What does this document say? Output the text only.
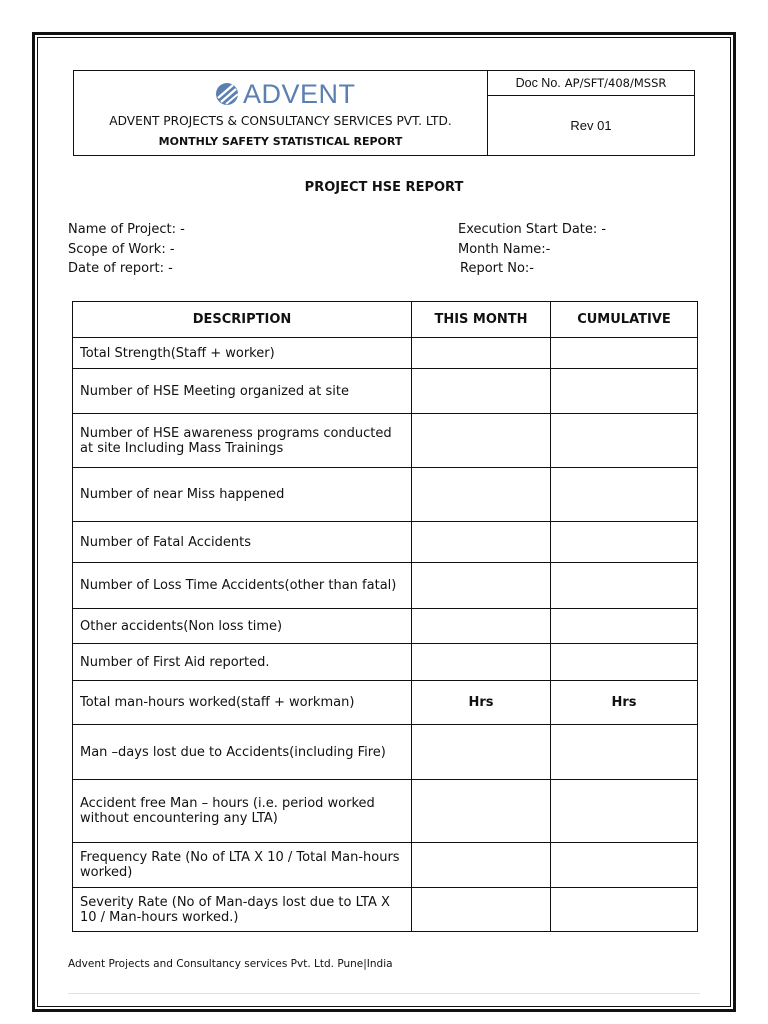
ADVENT
ADVENT PROJECTS & CONSULTANCY SERVICES PVT. LTD.
MONTHLY SAFETY STATISTICAL REPORT
Doc No. AP/SFT/408/MSSR
Rev 01
PROJECT HSE REPORT
Name of Project: -
Scope of Work: -
Date of report: -
Execution Start Date: -
Month Name:-
Report No:-
DESCRIPTION	THIS MONTH	CUMULATIVE
Total Strength(Staff + worker)		
Number of HSE Meeting organized at site		
Number of HSE awareness programs conducted at site Including Mass Trainings		
Number of near Miss happened		
Number of Fatal Accidents		
Number of Loss Time Accidents(other than fatal)		
Other accidents(Non loss time)		
Number of First Aid reported.		
Total man-hours worked(staff + workman)	Hrs	Hrs
Man –days lost due to Accidents(including Fire)		
Accident free Man – hours (i.e. period worked without encountering any LTA)		
Frequency Rate (No of LTA X 10 / Total Man-hours worked)		
Severity Rate (No of Man-days lost due to LTA X 10 / Man-hours worked.)		
Advent Projects and Consultancy services Pvt. Ltd. Pune|India
